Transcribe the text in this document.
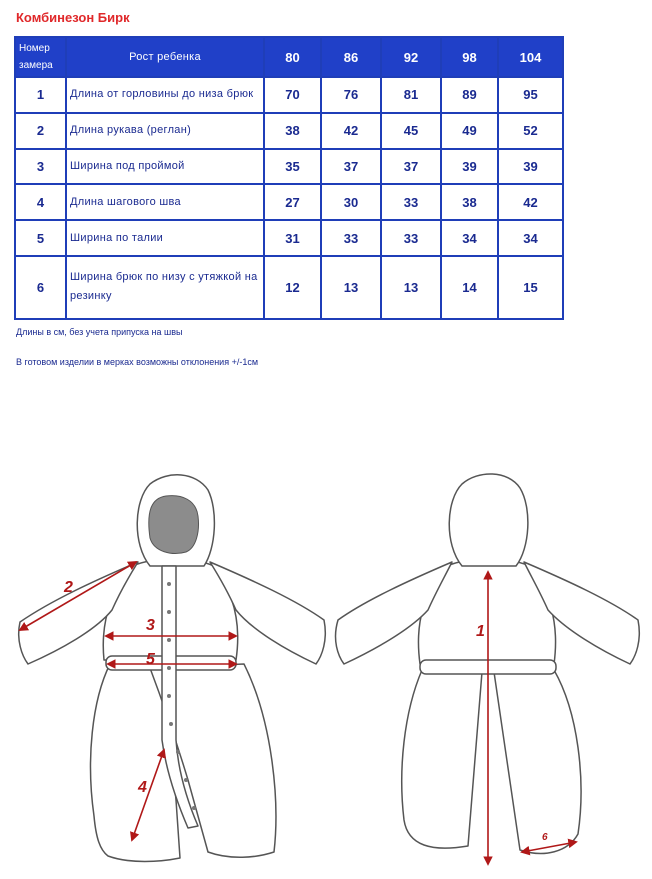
Комбинезон Бирк
Номер замера	Рост ребенка	80	86	92	98	104
1	Длина от горловины до низа брюк	70	76	81	89	95
2	Длина рукава (реглан)	38	42	45	49	52
3	Ширина под проймой	35	37	37	39	39
4	Длина шагового шва	27	30	33	38	42
5	Ширина по талии	31	33	33	34	34
6	Ширина брюк по низу с утяжкой на резинку	12	13	13	14	15
Длины в см, без учета припуска на швы
В готовом изделии в мерках возможны отклонения +/-1см
1
2
3
4
5
6
